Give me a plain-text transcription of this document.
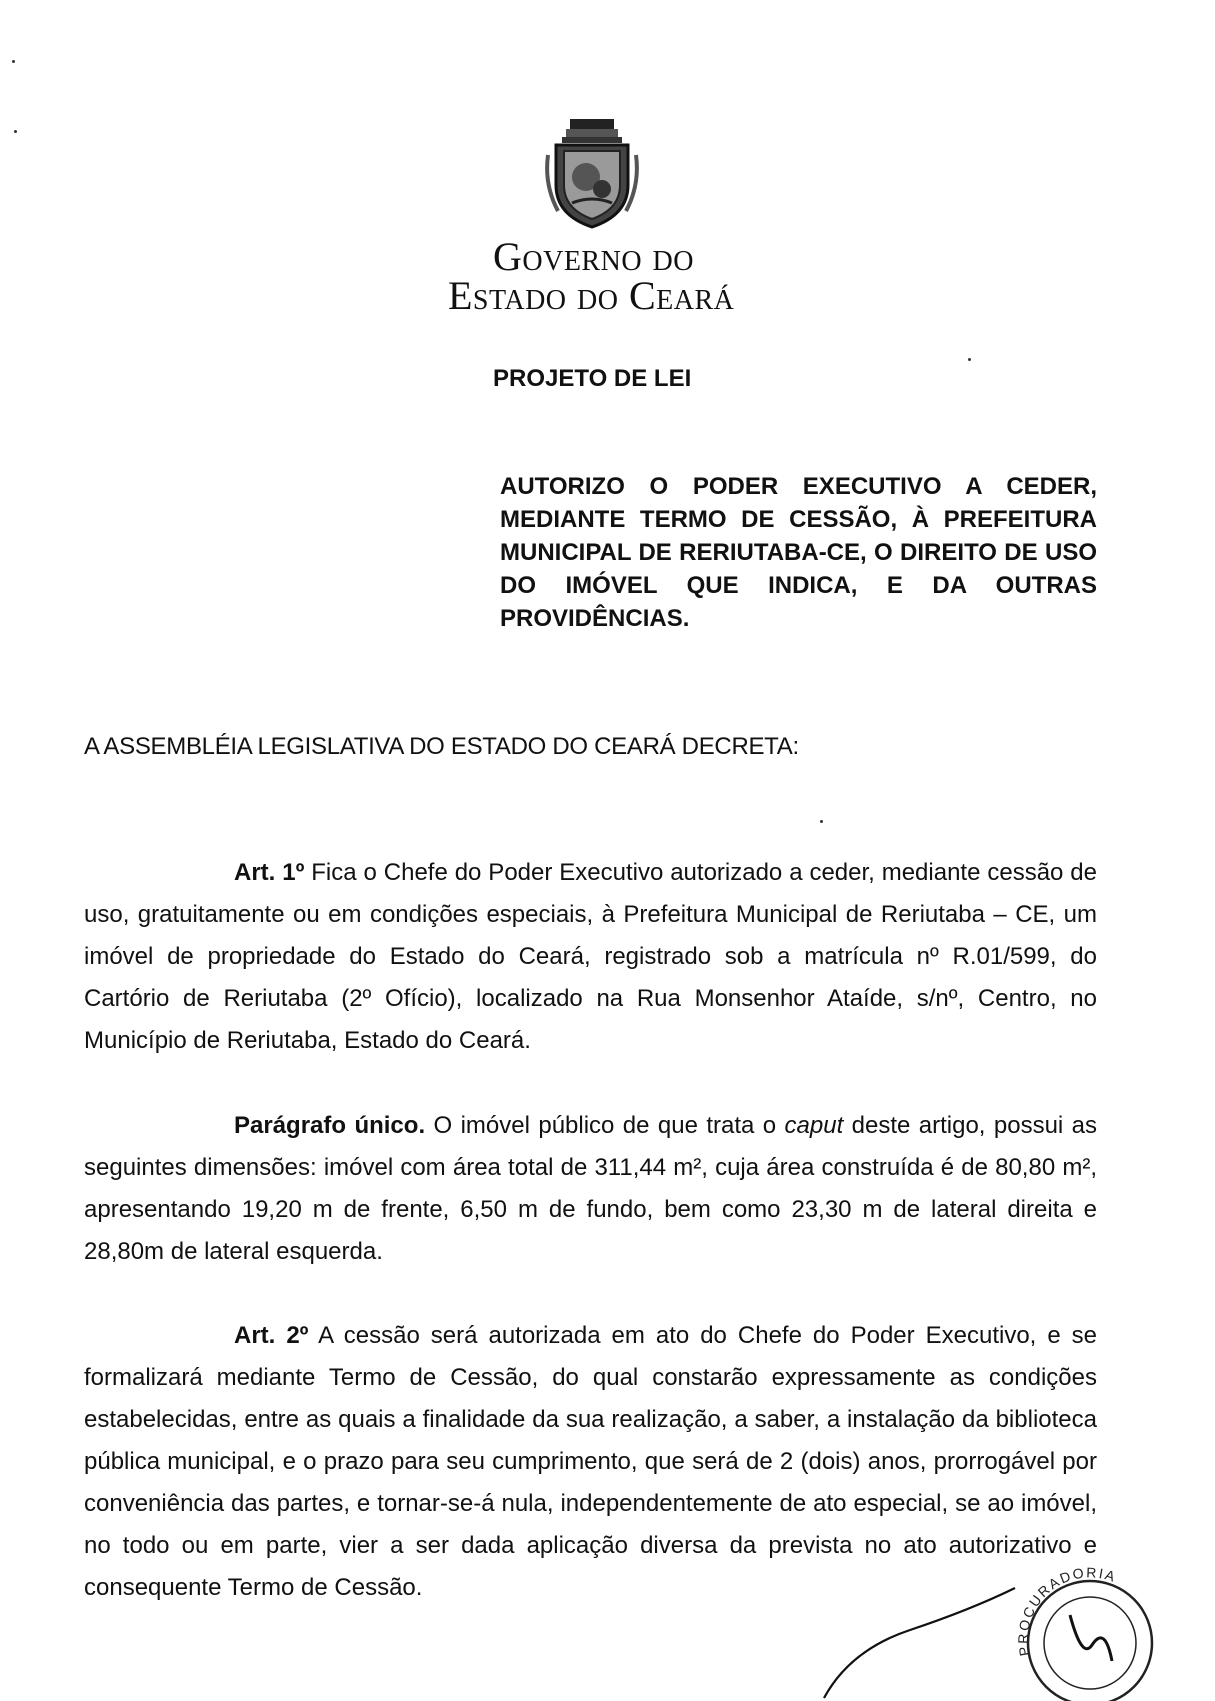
Governo do
Estado do Ceará
PROJETO DE LEI
AUTORIZO O PODER EXECUTIVO A CEDER, MEDIANTE TERMO DE CESSÃO, À PREFEITURA MUNICIPAL DE RERIUTABA-CE, O DIREITO DE USO DO IMÓVEL QUE INDICA, E DA OUTRAS PROVIDÊNCIAS.
A ASSEMBLÉIA LEGISLATIVA DO ESTADO DO CEARÁ DECRETA:
Art. 1º Fica o Chefe do Poder Executivo autorizado a ceder, mediante cessão de uso, gratuitamente ou em condições especiais, à Prefeitura Municipal de Reriutaba – CE, um imóvel de propriedade do Estado do Ceará, registrado sob a matrícula nº R.01/599, do Cartório de Reriutaba (2º Ofício), localizado na Rua Monsenhor Ataíde, s/nº, Centro, no Município de Reriutaba, Estado do Ceará.
Parágrafo único. O imóvel público de que trata o caput deste artigo, possui as seguintes dimensões: imóvel com área total de 311,44 m², cuja área construída é de 80,80 m², apresentando 19,20 m de frente, 6,50 m de fundo, bem como 23,30 m de lateral direita e 28,80m de lateral esquerda.
Art. 2º A cessão será autorizada em ato do Chefe do Poder Executivo, e se formalizará mediante Termo de Cessão, do qual constarão expressamente as condições estabelecidas, entre as quais a finalidade da sua realização, a saber, a instalação da biblioteca pública municipal, e o prazo para seu cumprimento, que será de 2 (dois) anos, prorrogável por conveniência das partes, e tornar-se-á nula, independentemente de ato especial, se ao imóvel, no todo ou em parte, vier a ser dada aplicação diversa da prevista no ato autorizativo e consequente Termo de Cessão.
PROCURADORIA
